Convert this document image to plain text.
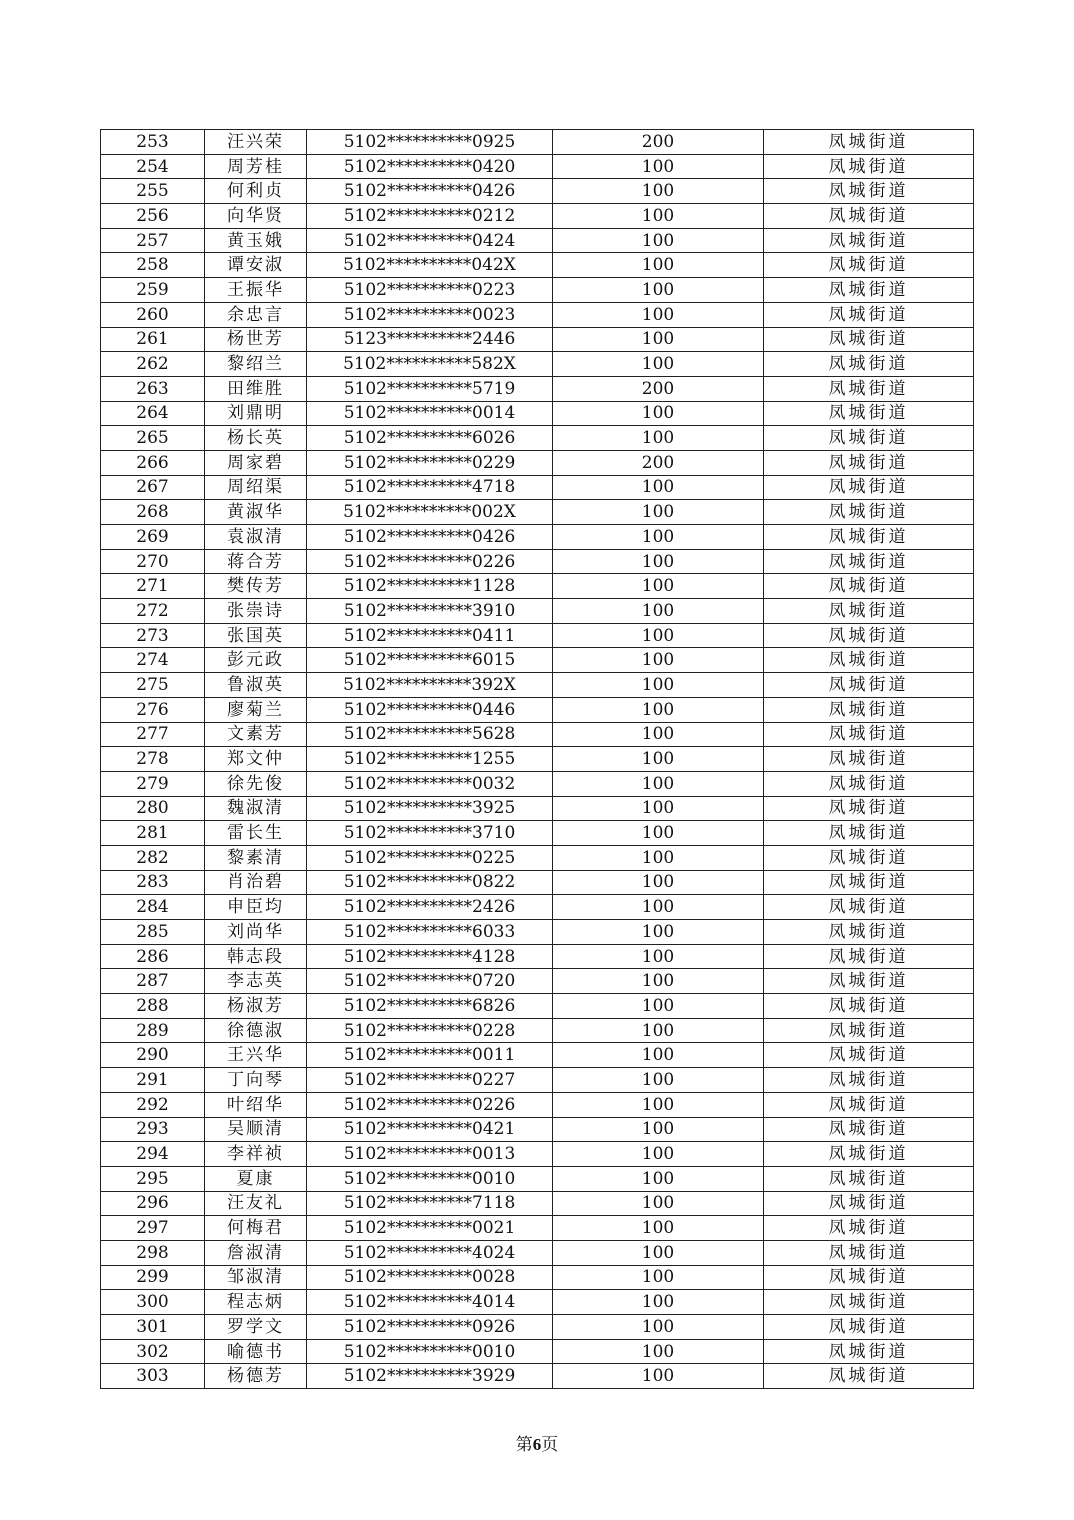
253	汪兴荣	5102**********0925	200	凤城街道
254	周芳桂	5102**********0420	100	凤城街道
255	何利贞	5102**********0426	100	凤城街道
256	向华贤	5102**********0212	100	凤城街道
257	黄玉娥	5102**********0424	100	凤城街道
258	谭安淑	5102**********042X	100	凤城街道
259	王振华	5102**********0223	100	凤城街道
260	余忠言	5102**********0023	100	凤城街道
261	杨世芳	5123**********2446	100	凤城街道
262	黎绍兰	5102**********582X	100	凤城街道
263	田维胜	5102**********5719	200	凤城街道
264	刘鼎明	5102**********0014	100	凤城街道
265	杨长英	5102**********6026	100	凤城街道
266	周家碧	5102**********0229	200	凤城街道
267	周绍渠	5102**********4718	100	凤城街道
268	黄淑华	5102**********002X	100	凤城街道
269	袁淑清	5102**********0426	100	凤城街道
270	蒋合芳	5102**********0226	100	凤城街道
271	樊传芳	5102**********1128	100	凤城街道
272	张崇诗	5102**********3910	100	凤城街道
273	张国英	5102**********0411	100	凤城街道
274	彭元政	5102**********6015	100	凤城街道
275	鲁淑英	5102**********392X	100	凤城街道
276	廖菊兰	5102**********0446	100	凤城街道
277	文素芳	5102**********5628	100	凤城街道
278	郑文仲	5102**********1255	100	凤城街道
279	徐先俊	5102**********0032	100	凤城街道
280	魏淑清	5102**********3925	100	凤城街道
281	雷长生	5102**********3710	100	凤城街道
282	黎素清	5102**********0225	100	凤城街道
283	肖治碧	5102**********0822	100	凤城街道
284	申臣均	5102**********2426	100	凤城街道
285	刘尚华	5102**********6033	100	凤城街道
286	韩志段	5102**********4128	100	凤城街道
287	李志英	5102**********0720	100	凤城街道
288	杨淑芳	5102**********6826	100	凤城街道
289	徐德淑	5102**********0228	100	凤城街道
290	王兴华	5102**********0011	100	凤城街道
291	丁向琴	5102**********0227	100	凤城街道
292	叶绍华	5102**********0226	100	凤城街道
293	吴顺清	5102**********0421	100	凤城街道
294	李祥祯	5102**********0013	100	凤城街道
295	夏康	5102**********0010	100	凤城街道
296	汪友礼	5102**********7118	100	凤城街道
297	何梅君	5102**********0021	100	凤城街道
298	詹淑清	5102**********4024	100	凤城街道
299	邹淑清	5102**********0028	100	凤城街道
300	程志炳	5102**********4014	100	凤城街道
301	罗学文	5102**********0926	100	凤城街道
302	喻德书	5102**********0010	100	凤城街道
303	杨德芳	5102**********3929	100	凤城街道
第6页
